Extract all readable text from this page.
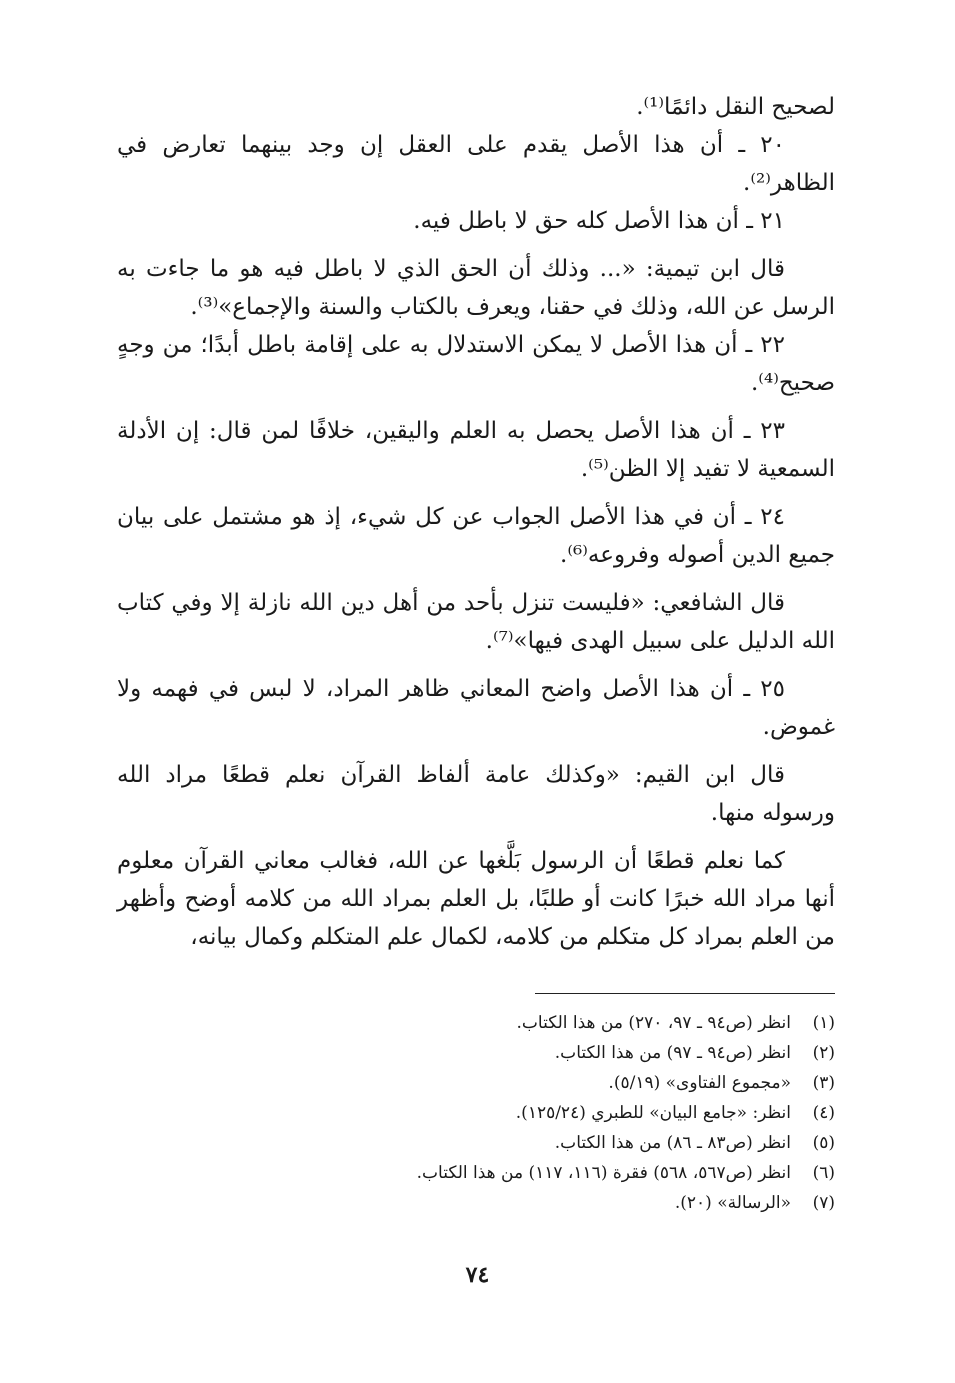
لصحيح النقل دائمًا⁽¹⁾.

٢٠ ـ أن هذا الأصل يقدم على العقل إن وجد بينهما تعارض في الظاهر⁽²⁾.

٢١ ـ أن هذا الأصل كله حق لا باطل فيه.

قال ابن تيمية: «... وذلك أن الحق الذي لا باطل فيه هو ما جاءت به الرسل عن الله، وذلك في حقنا، ويعرف بالكتاب والسنة والإجماع»⁽³⁾.

٢٢ ـ أن هذا الأصل لا يمكن الاستدلال به على إقامة باطل أبدًا؛ من وجهٍ صحيح⁽⁴⁾.

٢٣ ـ أن هذا الأصل يحصل به العلم واليقين، خلافًا لمن قال: إن الأدلة السمعية لا تفيد إلا الظن⁽⁵⁾.

٢٤ ـ أن في هذا الأصل الجواب عن كل شيء، إذ هو مشتمل على بيان جميع الدين أصوله وفروعه⁽⁶⁾.

قال الشافعي: «فليست تنزل بأحد من أهل دين الله نازلة إلا وفي كتاب الله الدليل على سبيل الهدى فيها»⁽⁷⁾.

٢٥ ـ أن هذا الأصل واضح المعاني ظاهر المراد، لا لبس في فهمه ولا غموض.

قال ابن القيم: «وكذلك عامة ألفاظ القرآن نعلم قطعًا مراد الله ورسوله منها.

كما نعلم قطعًا أن الرسول بَلَّغها عن الله، فغالب معاني القرآن معلوم أنها مراد الله خبرًا كانت أو طلبًا، بل العلم بمراد الله من كلامه أوضح وأظهر من العلم بمراد كل متكلم من كلامه، لكمال علم المتكلم وكمال بيانه،

(١)
انظر (ص٩٤ ـ ٩٧، ٢٧٠) من هذا الكتاب.
(٢)
انظر (ص٩٤ ـ ٩٧) من هذا الكتاب.
(٣)
«مجموع الفتاوى» (٥/١٩).
(٤)
انظر: «جامع البيان» للطبري (١٢٥/٢٤).
(٥)
انظر (ص٨٣ ـ ٨٦) من هذا الكتاب.
(٦)
انظر (ص٥٦٧، ٥٦٨) فقرة (١١٦، ١١٧) من هذا الكتاب.
(٧)
«الرسالة» (٢٠).
٧٤
